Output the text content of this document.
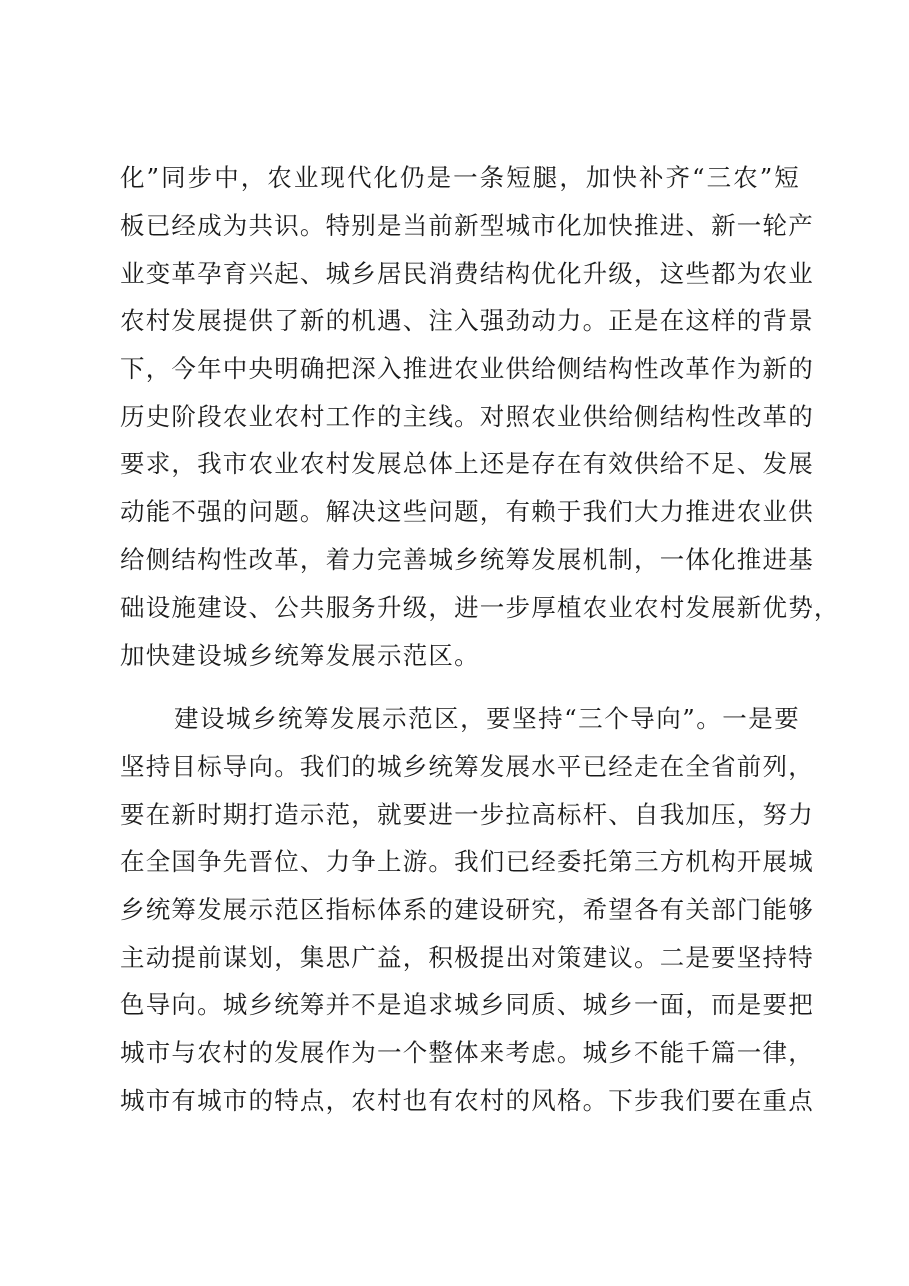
化”同步中，农业现代化仍是一条短腿，加快补齐“三农”短
板已经成为共识。特别是当前新型城市化加快推进、新一轮产
业变革孕育兴起、城乡居民消费结构优化升级，这些都为农业
农村发展提供了新的机遇、注入强劲动力。正是在这样的背景
下，今年中央明确把深入推进农业供给侧结构性改革作为新的
历史阶段农业农村工作的主线。对照农业供给侧结构性改革的
要求，我市农业农村发展总体上还是存在有效供给不足、发展
动能不强的问题。解决这些问题，有赖于我们大力推进农业供
给侧结构性改革，着力完善城乡统筹发展机制，一体化推进基
础设施建设、公共服务升级，进一步厚植农业农村发展新优势，
加快建设城乡统筹发展示范区。
建设城乡统筹发展示范区，要坚持“三个导向”。一是要
坚持目标导向。我们的城乡统筹发展水平已经走在全省前列，
要在新时期打造示范，就要进一步拉高标杆、自我加压，努力
在全国争先晋位、力争上游。我们已经委托第三方机构开展城
乡统筹发展示范区指标体系的建设研究，希望各有关部门能够
主动提前谋划，集思广益，积极提出对策建议。二是要坚持特
色导向。城乡统筹并不是追求城乡同质、城乡一面，而是要把
城市与农村的发展作为一个整体来考虑。城乡不能千篇一律，
城市有城市的特点，农村也有农村的风格。下步我们要在重点
